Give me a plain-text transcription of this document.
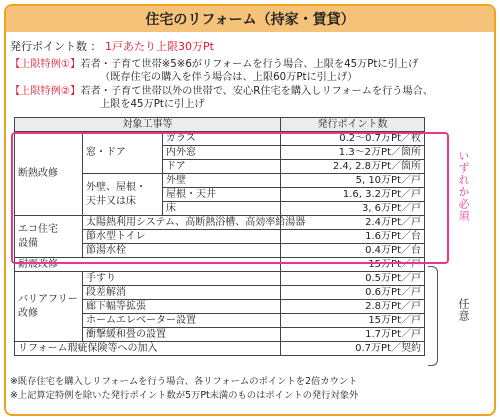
住宅のリフォーム（持家・賃貸）
発行ポイント数 ： 1戸あたり上限30万Pt
【上限特例①】若者・子育て世帯※5※6がリフォームを行う場合、上限を45万Ptに引上げ
（既存住宅の購入を伴う場合は、上限60万Ptに引上げ）
【上限特例②】若者・子育て世帯以外の世帯で、安心R住宅を購入しリフォームを行う場合、
上限を45万Ptに引上げ
対象工事等			発行ポイント数
断熱改修	窓・ドア	ガラス	0.2〜0.7万Pt／枚
		内外窓	1.3〜2万Pt／箇所
		ドア	2.4, 2.8万Pt／箇所

	外壁、屋根・
天井又は床	外壁	5, 10万Pt／戸
		屋根・天井	1.6, 3.2万Pt／戸
		床	3, 6万Pt／戸

エコ住宅
設備	太陽熱利用システム、高断熱浴槽、高効率給湯器		2.4万Pt／戸
	節水型トイレ		1.6万Pt／台
	節湯水栓		0.4万Pt／台
耐震改修			15万Pt／戸

バリアフリー
改修	手すり		0.5万Pt／戸
	段差解消		0.6万Pt／戸
	廊下幅等拡張		2.8万Pt／戸
	ホームエレベーター設置		15万Pt／戸
	衝撃緩和畳の設置		1.7万Pt／戸

リフォーム瑕疵保険等への加入			0.7万Pt／契約
いずれか必須
任意
※既存住宅を購入しリフォームを行う場合、各リフォームのポイントを2倍カウント
※上記算定特例を除いた発行ポイント数が5万Pt未満のものはポイントの発行対象外
